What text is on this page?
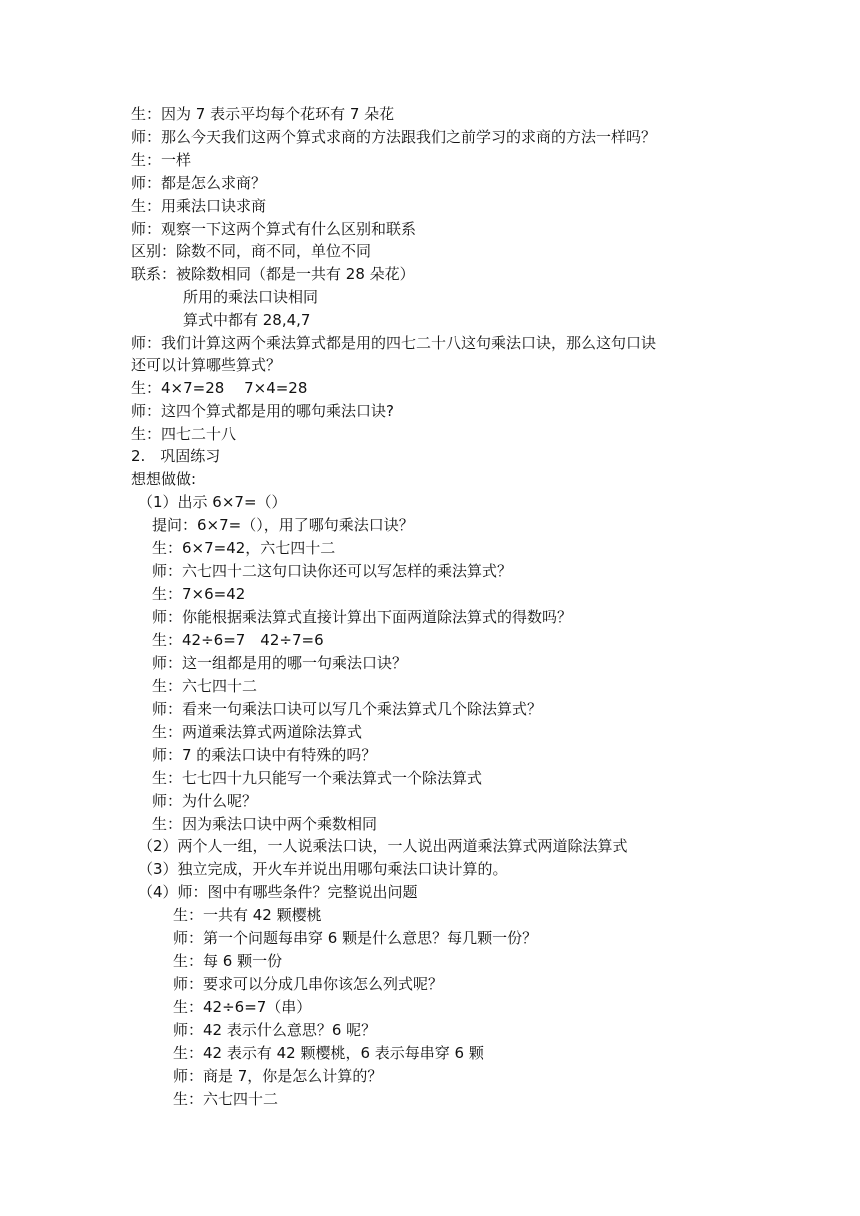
生：因为 7 表示平均每个花环有 7 朵花
师：那么今天我们这两个算式求商的方法跟我们之前学习的求商的方法一样吗？
生：一样
师：都是怎么求商？
生：用乘法口诀求商
师：观察一下这两个算式有什么区别和联系
区别：除数不同，商不同，单位不同
联系：被除数相同（都是一共有 28 朵花）
所用的乘法口诀相同
算式中都有 28,4,7
师：我们计算这两个乘法算式都是用的四七二十八这句乘法口诀，那么这句口诀
还可以计算哪些算式？
生：4×7=28　 7×4=28
师：这四个算式都是用的哪句乘法口诀?
生：四七二十八
2.　巩固练习
想想做做:
（1）出示 6×7=（）
提问：6×7=（），用了哪句乘法口诀？
生：6×7=42，六七四十二
师：六七四十二这句口诀你还可以写怎样的乘法算式？
生：7×6=42
师：你能根据乘法算式直接计算出下面两道除法算式的得数吗？
生：42÷6=7　42÷7=6
师：这一组都是用的哪一句乘法口诀？
生：六七四十二
师：看来一句乘法口诀可以写几个乘法算式几个除法算式？
生：两道乘法算式两道除法算式
师：7 的乘法口诀中有特殊的吗？
生：七七四十九只能写一个乘法算式一个除法算式
师：为什么呢？
生：因为乘法口诀中两个乘数相同
（2）两个人一组，一人说乘法口诀，一人说出两道乘法算式两道除法算式
（3）独立完成，开火车并说出用哪句乘法口诀计算的。
（4）师：图中有哪些条件？完整说出问题
生：一共有 42 颗樱桃
师：第一个问题每串穿 6 颗是什么意思？每几颗一份？
生：每 6 颗一份
师：要求可以分成几串你该怎么列式呢？
生：42÷6=7（串）
师：42 表示什么意思？6 呢？
生：42 表示有 42 颗樱桃，6 表示每串穿 6 颗
师：商是 7，你是怎么计算的？
生：六七四十二
